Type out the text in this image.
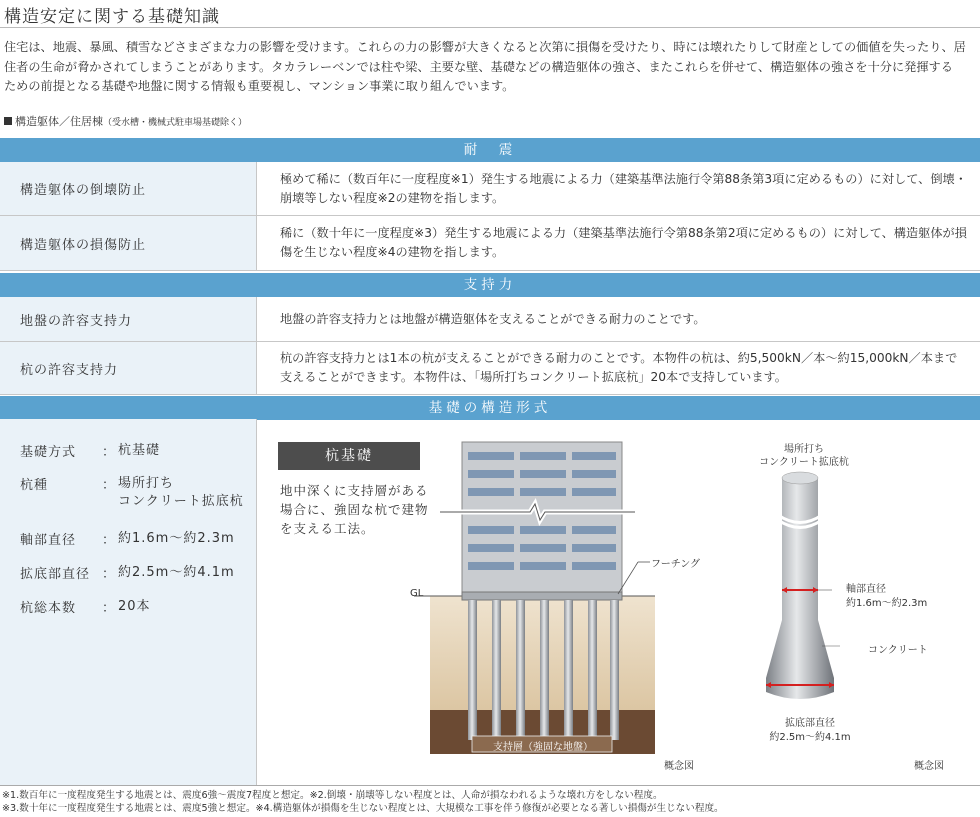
構造安定に関する基礎知識

住宅は、地震、暴風、積雪などさまざまな力の影響を受けます。これらの力の影響が大きくなると次第に損傷を受けたり、時には壊れたりして財産としての価値を失ったり、居

住者の生命が脅かされてしまうことがあります。タカラレーベンでは柱や梁、主要な壁、基礎などの構造躯体の強さ、またこれらを併せて、構造躯体の強さを十分に発揮する

ための前提となる基礎や地盤に関する情報も重要視し、マンション事業に取り組んでいます。

構造躯体／住居棟（受水槽・機械式駐車場基礎除く）
耐　震
構造躯体の倒壊防止
極めて稀に（数百年に一度程度※1）発生する地震による力（建築基準法施行令第88条第3項に定めるもの）に対して、倒壊・崩壊等しない程度※2の建物を指します。
構造躯体の損傷防止
稀に（数十年に一度程度※3）発生する地震による力（建築基準法施行令第88条第2項に定めるもの）に対して、構造躯体が損傷を生じない程度※4の建物を指します。
支持力
地盤の許容支持力	地盤の許容支持力とは地盤が構造躯体を支えることができる耐力のことです。
杭の許容支持力
杭の許容支持力とは1本の杭が支えることができる耐力のことです。本物件の杭は、約5,500kN／本～約15,000kN／本まで支えることができます。本物件は、「場所打ちコンクリート拡底杭」20本で支持しています。
基礎の構造形式
基礎方式 ： 杭基礎
杭種	： 場所打ち
コンクリート拡底杭
軸部直径 ： 約1.6m～約2.3m
拡底部直径 ： 約2.5m～約4.1m
杭総本数 ： 20本
杭基礎
地中深くに支持層がある場合に、強固な杭で建物を支える工法。
フーチング
GL
支持層（強固な地盤）
概念図
場所打ち
コンクリート拡底杭
軸部直径
約1.6m～約2.3m
コンクリート
拡底部直径
約2.5m～約4.1m
概念図

※1.数百年に一度程度発生する地震とは、震度6強～震度7程度と想定。※2.倒壊・崩壊等しない程度とは、人命が損なわれるような壊れ方をしない程度。

※3.数十年に一度程度発生する地震とは、震度5強と想定。※4.構造躯体が損傷を生じない程度とは、大規模な工事を伴う修復が必要となる著しい損傷が生じない程度。
